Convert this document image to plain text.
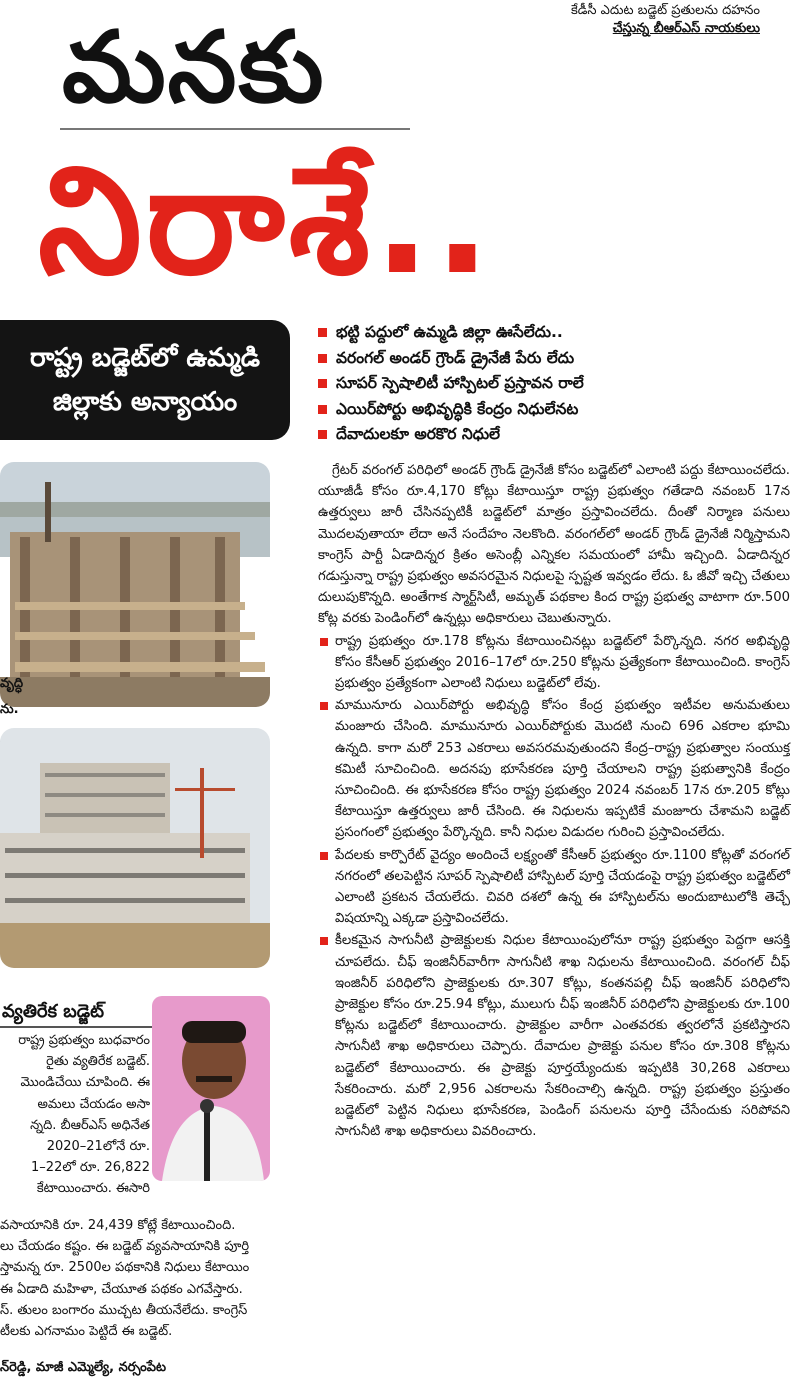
కేడీసీ ఎదుట బడ్జెట్ ప్రతులను దహనం
చేస్తున్న బీఆర్ఎస్ నాయకులు
మనకు
నిరాశే..
రాష్ట్ర బడ్జెట్‌లో ఉమ్మడి
జిల్లాకు అన్యాయం
భట్టి పద్దులో ఉమ్మడి జిల్లా ఊసేలేదు..
వరంగల్ అండర్ గ్రౌండ్ డ్రైనేజీ పేరు లేదు
సూపర్ స్పెషాలిటీ హాస్పిటల్ ప్రస్తావన రాలే
ఎయిర్‌పోర్టు అభివృద్ధికి కేంద్రం నిధులేనట
దేవాదులకూ అరకొర నిధులే

గ్రేటర్ వరంగల్ పరిధిలో అండర్ గ్రౌండ్ డ్రైనేజీ కోసం బడ్జెట్‌లో ఎలాంటి పద్దు కేటాయించలేదు. యూజీడీ కోసం రూ.4,170 కోట్లు కేటాయిస్తూ రాష్ట్ర ప్రభుత్వం గతేడాది నవంబర్ 17న ఉత్తర్వులు జారీ చేసినప్పటికీ బడ్జెట్‌లో మాత్రం ప్రస్తావించలేదు. దీంతో నిర్మాణ పనులు మొదలవుతాయా లేదా అనే సందేహం నెలకొంది. వరంగల్‌లో అండర్ గ్రౌండ్ డ్రైనేజీ నిర్మిస్తామని కాంగ్రెస్ పార్టీ ఏడాదిన్నర క్రితం అసెంబ్లీ ఎన్నికల సమయంలో హామీ ఇచ్చింది. ఏడాదిన్నర గడుస్తున్నా రాష్ట్ర ప్రభుత్వం అవసరమైన నిధులపై స్పష్టత ఇవ్వడం లేదు. ఓ జీవో ఇచ్చి చేతులు దులుపుకొన్నది. అంతేగాక స్మార్ట్‌సిటీ, అమృత్ పథకాల కింద రాష్ట్ర ప్రభుత్వ వాటాగా రూ.500 కోట్ల వరకు పెండింగ్‌లో ఉన్నట్లు అధికారులు చెబుతున్నారు.

రాష్ట్ర ప్రభుత్వం రూ.178 కోట్లను కేటాయించినట్లు బడ్జెట్‌లో పేర్కొన్నది. నగర అభివృద్ధి కోసం కేసీఆర్ ప్రభుత్వం 2016–17లో రూ.250 కోట్లను ప్రత్యేకంగా కేటాయించింది. కాంగ్రెస్ ప్రభుత్వం ప్రత్యేకంగా ఎలాంటి నిధులు బడ్జెట్‌లో లేవు.

మామునూరు ఎయిర్‌పోర్టు అభివృద్ధి కోసం కేంద్ర ప్రభుత్వం ఇటీవల అనుమతులు మంజూరు చేసింది. మామునూరు ఎయిర్‌పోర్టుకు మొదటి నుంచి 696 ఎకరాల భూమి ఉన్నది. కాగా మరో 253 ఎకరాలు అవసరమవుతుందని కేంద్ర–రాష్ట్ర ప్రభుత్వాల సంయుక్త కమిటీ సూచించింది. అదనపు భూసేకరణ పూర్తి చేయాలని రాష్ట్ర ప్రభుత్వానికి కేంద్రం సూచించింది. ఈ భూసేకరణ కోసం రాష్ట్ర ప్రభుత్వం 2024 నవంబర్ 17న రూ.205 కోట్లు కేటాయిస్తూ ఉత్తర్వులు జారీ చేసింది. ఈ నిధులను ఇప్పటికే మంజూరు చేశామని బడ్జెట్ ప్రసంగంలో ప్రభుత్వం పేర్కొన్నది. కానీ నిధుల విడుదల గురించి ప్రస్తావించలేదు.

పేదలకు కార్పొరేట్ వైద్యం అందించే లక్ష్యంతో కేసీఆర్ ప్రభుత్వం రూ.1100 కోట్లతో వరంగల్ నగరంలో తలపెట్టిన సూపర్ స్పెషాలిటీ హాస్పిటల్ పూర్తి చేయడంపై రాష్ట్ర ప్రభుత్వం బడ్జెట్‌లో ఎలాంటి ప్రకటన చేయలేదు. చివరి దశలో ఉన్న ఈ హాస్పిటల్‌ను అందుబాటులోకి తెచ్చే విషయాన్ని ఎక్కడా ప్రస్తావించలేదు.

కీలకమైన సాగునీటి ప్రాజెక్టులకు నిధుల కేటాయింపులోనూ రాష్ట్ర ప్రభుత్వం పెద్దగా ఆసక్తి చూపలేదు. చీఫ్ ఇంజినీర్‌వారీగా సాగునీటి శాఖ నిధులను కేటాయించింది. వరంగల్ చీఫ్ ఇంజినీర్ పరిధిలోని ప్రాజెక్టులకు రూ.307 కోట్లు, కంతనపల్లి చీఫ్ ఇంజినీర్ పరిధిలోని ప్రాజెక్టుల కోసం రూ.25.94 కోట్లు, ములుగు చీఫ్ ఇంజినీర్ పరిధిలోని ప్రాజెక్టులకు రూ.100 కోట్లను బడ్జెట్‌లో కేటాయించారు. ప్రాజెక్టుల వారీగా ఎంతవరకు త్వరలోనే ప్రకటిస్తారని సాగునీటి శాఖ అధికారులు చెప్పారు. దేవాదుల ప్రాజెక్టు పనుల కోసం రూ.308 కోట్లను బడ్జెట్‌లో కేటాయించారు. ఈ ప్రాజెక్టు పూర్తయ్యేందుకు ఇప్పటికి 30,268 ఎకరాలు సేకరించారు. మరో 2,956 ఎకరాలను సేకరించాల్సి ఉన్నది. రాష్ట్ర ప్రభుత్వం ప్రస్తుతం బడ్జెట్‌లో పెట్టిన నిధులు భూసేకరణ, పెండింగ్ పనులను పూర్తి చేసేందుకు సరిపోవని సాగునీటి శాఖ అధికారులు వివరించారు.

వృద్ధి
ను.
వ్యతిరేక బడ్జెట్
రాష్ట్ర ప్రభుత్వం బుధవారం
రైతు వ్యతిరేక బడ్జెట్.
మొండిచేయి చూపింది. ఈ
అమలు చేయడం అసా
న్నది. బీఆర్ఎస్ అధినేత
2020–21లోనే రూ.
1–22లో రూ. 26,822
కేటాయించారు. ఈసారి
వసాయానికి రూ. 24,439 కోట్లే కేటాయించింది.
లు చేయడం కష్టం. ఈ బడ్జెట్ వ్యవసాయానికి పూర్తి
స్తామన్న రూ. 2500ల పథకానికి నిధులు కేటాయిం
ఈ ఏడాది మహిళా, చేయూత పథకం ఎగవేస్తారు.
స్. తులం బంగారం ముచ్చట తీయనేలేదు. కాంగ్రెస్
టీలకు ఎగనామం పెట్టిదే ఈ బడ్జెట్.
న్‌రెడ్డి, మాజీ ఎమ్మెల్యే, నర్సంపేట
